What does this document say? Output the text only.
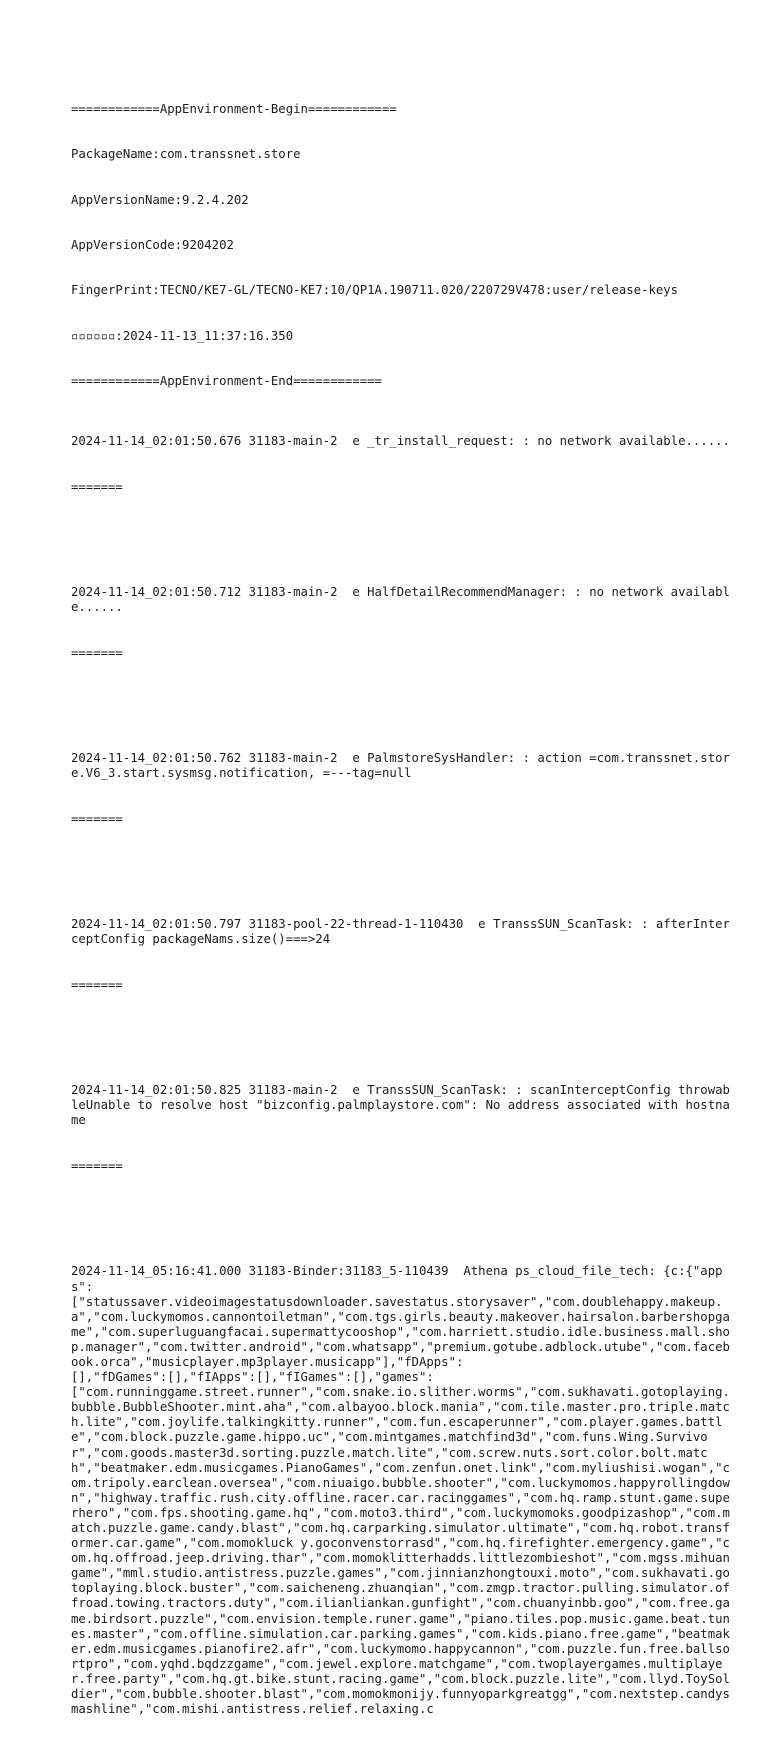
============AppEnvironment-Begin============

PackageName:com.transsnet.store

AppVersionName:9.2.4.202

AppVersionCode:9204202

FingerPrint:TECNO/KE7-GL/TECNO-KE7:10/QP1A.190711.020/220729V478:user/release-keys

▫▫▫▫▫▫:2024-11-13_11:37:16.350

============AppEnvironment-End============

2024-11-14_02:01:50.676 31183-main-2  e _tr_install_request: : no network available......

=======

2024-11-14_02:01:50.712 31183-main-2  e HalfDetailRecommendManager: : no network available......

=======

2024-11-14_02:01:50.762 31183-main-2  e PalmstoreSysHandler: : action =com.transsnet.store.V6_3.start.sysmsg.notification, =---tag=null

=======

2024-11-14_02:01:50.797 31183-pool-22-thread-1-110430  e TranssSUN_ScanTask: : afterInterceptConfig packageNams.size()===>24

=======

2024-11-14_02:01:50.825 31183-main-2  e TranssSUN_ScanTask: : scanInterceptConfig throwableUnable to resolve host "bizconfig.palmplaystore.com": No address associated with hostname

=======

2024-11-14_05:16:41.000 31183-Binder:31183_5-110439  Athena ps_cloud_file_tech: {c:{"apps":
["statussaver.videoimagestatusdownloader.savestatus.storysaver","com.doublehappy.makeup.a","com.luckymomos.cannontoiletman","com.tgs.girls.beauty.makeover.hairsalon.barbershopgame","com.superluguangfacai.supermattycooshop","com.harriett.studio.idle.business.mall.shop.manager","com.twitter.android","com.whatsapp","premium.gotube.adblock.utube","com.facebook.orca","musicplayer.mp3player.musicapp"],"fDApps":
[],"fDGames":[],"fIApps":[],"fIGames":[],"games":
["com.runninggame.street.runner","com.snake.io.slither.worms","com.sukhavati.gotoplaying.bubble.BubbleShooter.mint.aha","com.albayoo.block.mania","com.tile.master.pro.triple.match.lite","com.joylife.talkingkitty.runner","com.fun.escaperunner","com.player.games.battle","com.block.puzzle.game.hippo.uc","com.mintgames.matchfind3d","com.funs.Wing.Survivor","com.goods.master3d.sorting.puzzle.match.lite","com.screw.nuts.sort.color.bolt.match","beatmaker.edm.musicgames.PianoGames","com.zenfun.onet.link","com.myliushisi.wogan","com.tripoly.earclean.oversea","com.niuaigo.bubble.shooter","com.luckymomos.happyrollingdown","highway.traffic.rush.city.offline.racer.car.racinggames","com.hq.ramp.stunt.game.superhero","com.fps.shooting.game.hq","com.moto3.third","com.luckymomoks.goodpizashop","com.match.puzzle.game.candy.blast","com.hq.carparking.simulator.ultimate","com.hq.robot.transformer.car.game","com.momokluck y.goconvenstorrasd","com.hq.firefighter.emergency.game","com.hq.offroad.jeep.driving.thar","com.momoklitterhadds.littlezombieshot","com.mgss.mihuangame","mml.studio.antistress.puzzle.games","com.jinnianzhongtouxi.moto","com.sukhavati.gotoplaying.block.buster","com.saicheneng.zhuanqian","com.zmgp.tractor.pulling.simulator.offroad.towing.tractors.duty","com.ilianliankan.gunfight","com.chuanyinbb.goo","com.free.game.birdsort.puzzle","com.envision.temple.runer.game","piano.tiles.pop.music.game.beat.tunes.master","com.offline.simulation.car.parking.games","com.kids.piano.free.game","beatmaker.edm.musicgames.pianofire2.afr","com.luckymomo.happycannon","com.puzzle.fun.free.ballsortpro","com.yqhd.bqdzzgame","com.jewel.explore.matchgame","com.twoplayergames.multiplayer.free.party","com.hq.gt.bike.stunt.racing.game","com.block.puzzle.lite","com.llyd.ToySoldier","com.bubble.shooter.blast","com.momokmonijy.funnyoparkgreatgg","com.nextstep.candysmashline","com.mishi.antistress.relief.relaxing.c
